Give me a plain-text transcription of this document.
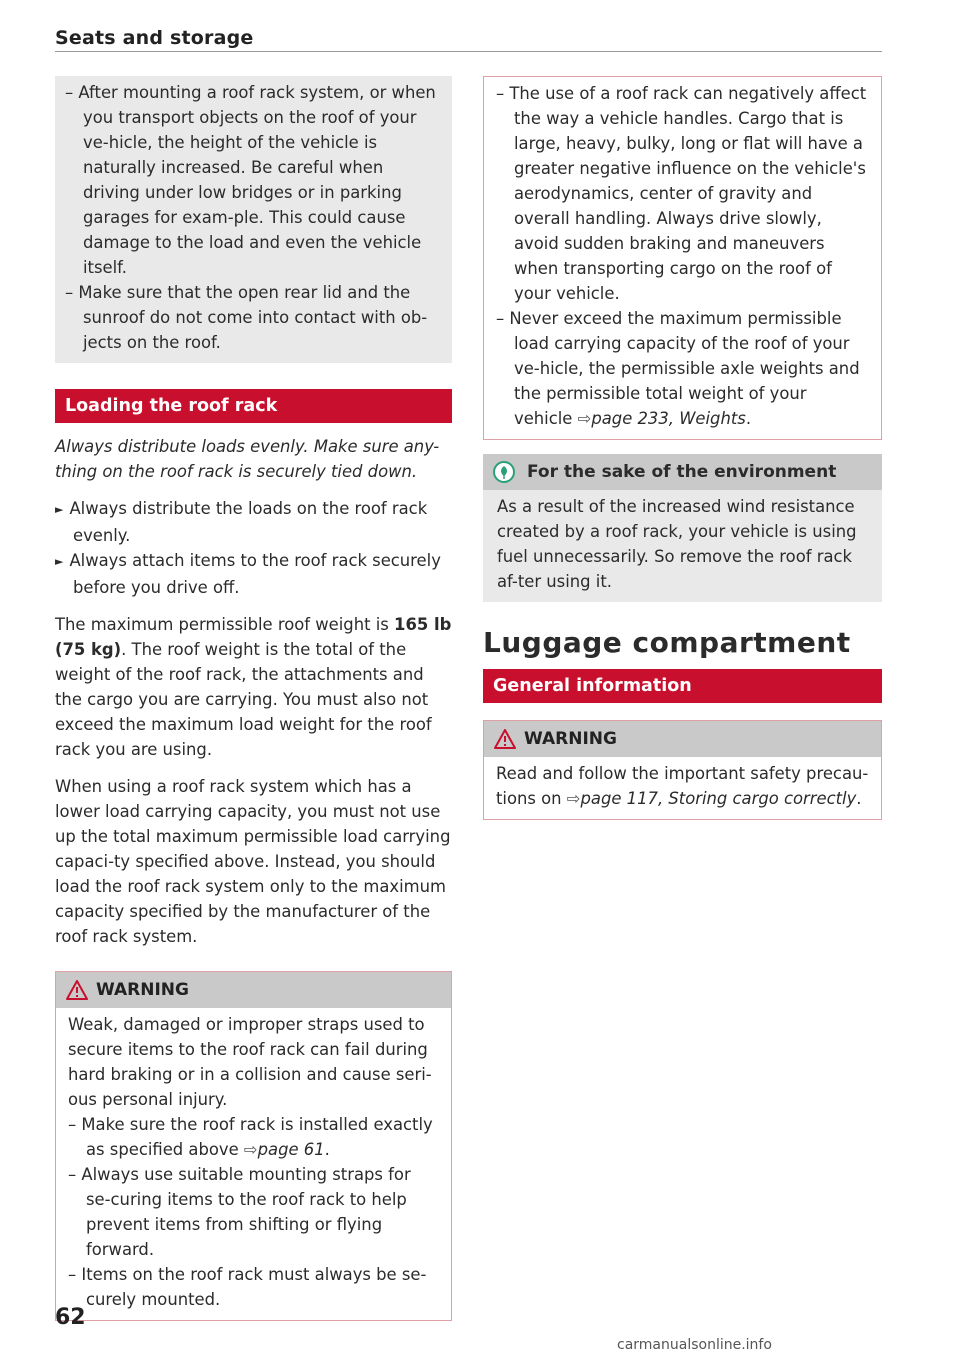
Seats and storage

– After mounting a roof rack system, or when you transport objects on the roof of your ve-hicle, the height of the vehicle is naturally increased. Be careful when driving under low bridges or in parking garages for exam-ple. This could cause damage to the load and even the vehicle itself.

– Make sure that the open rear lid and the sunroof do not come into contact with ob-jects on the roof.

Loading the roof rack

Always distribute loads evenly. Make sure any-thing on the roof rack is securely tied down.

► Always distribute the loads on the roof rack evenly.

► Always attach items to the roof rack securely before you drive off.

The maximum permissible roof weight is 165 lb (75 kg). The roof weight is the total of the weight of the roof rack, the attachments and the cargo you are carrying. You must also not exceed the maximum load weight for the roof rack you are using.

When using a roof rack system which has a lower load carrying capacity, you must not use up the total maximum permissible load carrying capaci-ty specified above. Instead, you should load the roof rack system only to the maximum capacity specified by the manufacturer of the roof rack system.

WARNING

Weak, damaged or improper straps used to secure items to the roof rack can fail during hard braking or in a collision and cause seri-ous personal injury.

– Make sure the roof rack is installed exactly as specified above ⇨page 61.

– Always use suitable mounting straps for se-curing items to the roof rack to help prevent items from shifting or flying forward.

– Items on the roof rack must always be se-curely mounted.

– The use of a roof rack can negatively affect the way a vehicle handles. Cargo that is large, heavy, bulky, long or flat will have a greater negative influence on the vehicle's aerodynamics, center of gravity and overall handling. Always drive slowly, avoid sudden braking and maneuvers when transporting cargo on the roof of your vehicle.

– Never exceed the maximum permissible load carrying capacity of the roof of your ve-hicle, the permissible axle weights and the permissible total weight of your vehicle ⇨page 233, Weights.

For the sake of the environment

As a result of the increased wind resistance created by a roof rack, your vehicle is using fuel unnecessarily. So remove the roof rack af-ter using it.

Luggage compartment
General information
WARNING

Read and follow the important safety precau-tions on ⇨page 117, Storing cargo correctly.

62
carmanualsonline.info
